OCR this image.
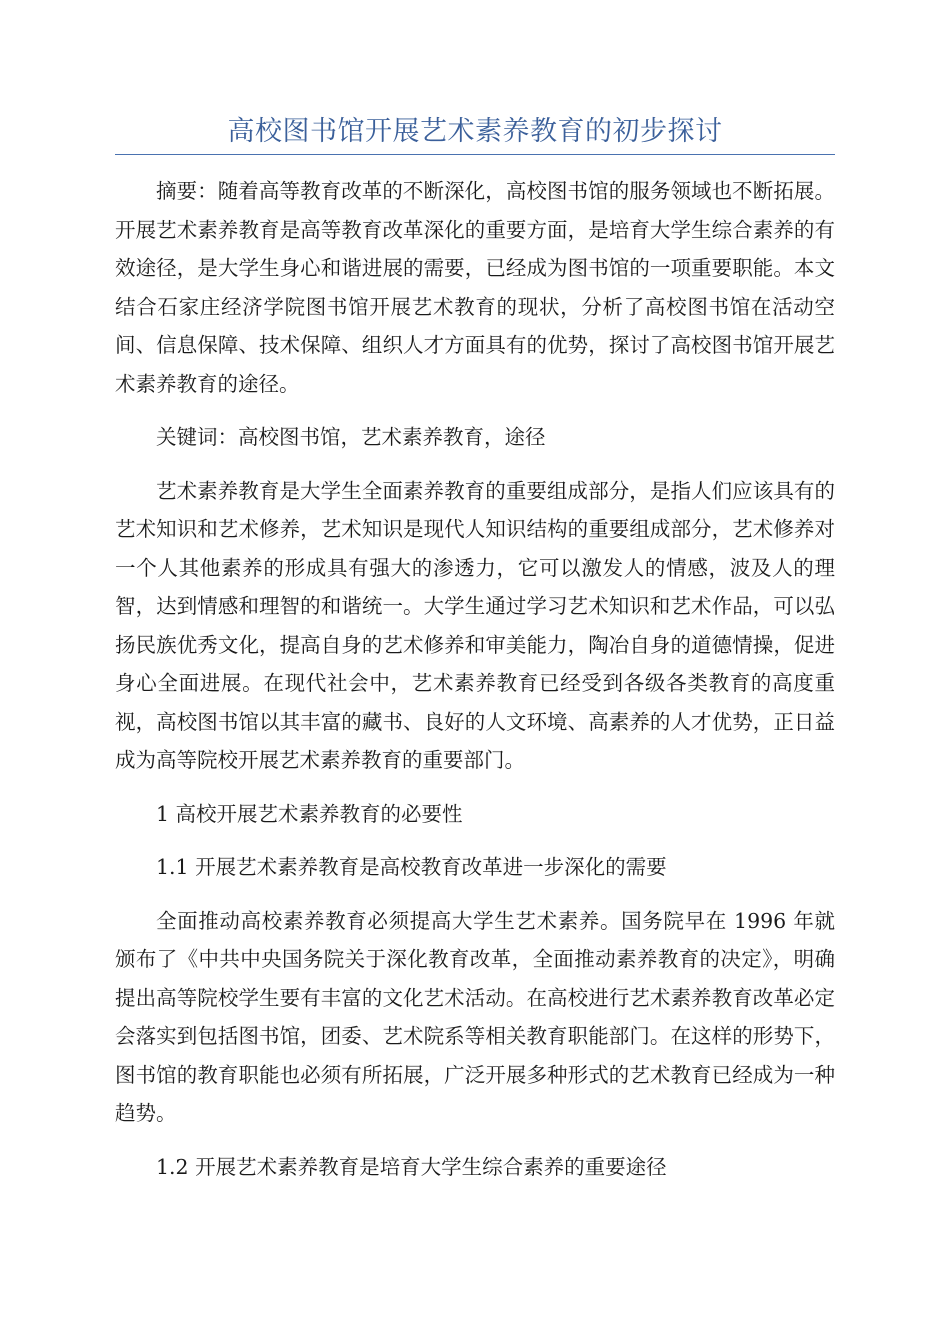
高校图书馆开展艺术素养教育的初步探讨

摘要：随着高等教育改革的不断深化，高校图书馆的服务领域也不断拓展。开展艺术素养教育是高等教育改革深化的重要方面，是培育大学生综合素养的有效途径，是大学生身心和谐进展的需要，已经成为图书馆的一项重要职能。本文结合石家庄经济学院图书馆开展艺术教育的现状，分析了高校图书馆在活动空间、信息保障、技术保障、组织人才方面具有的优势，探讨了高校图书馆开展艺术素养教育的途径。

关键词：高校图书馆，艺术素养教育，途径

艺术素养教育是大学生全面素养教育的重要组成部分，是指人们应该具有的艺术知识和艺术修养，艺术知识是现代人知识结构的重要组成部分，艺术修养对一个人其他素养的形成具有强大的渗透力，它可以激发人的情感，波及人的理智，达到情感和理智的和谐统一。大学生通过学习艺术知识和艺术作品，可以弘扬民族优秀文化，提高自身的艺术修养和审美能力，陶冶自身的道德情操，促进身心全面进展。在现代社会中，艺术素养教育已经受到各级各类教育的高度重视，高校图书馆以其丰富的藏书、良好的人文环境、高素养的人才优势，正日益成为高等院校开展艺术素养教育的重要部门。

1 高校开展艺术素养教育的必要性

1.1 开展艺术素养教育是高校教育改革进一步深化的需要

全面推动高校素养教育必须提高大学生艺术素养。国务院早在 1996 年就颁布了《中共中央国务院关于深化教育改革，全面推动素养教育的决定》，明确提出高等院校学生要有丰富的文化艺术活动。在高校进行艺术素养教育改革必定会落实到包括图书馆，团委、艺术院系等相关教育职能部门。在这样的形势下，图书馆的教育职能也必须有所拓展，广泛开展多种形式的艺术教育已经成为一种趋势。

1.2 开展艺术素养教育是培育大学生综合素养的重要途径
